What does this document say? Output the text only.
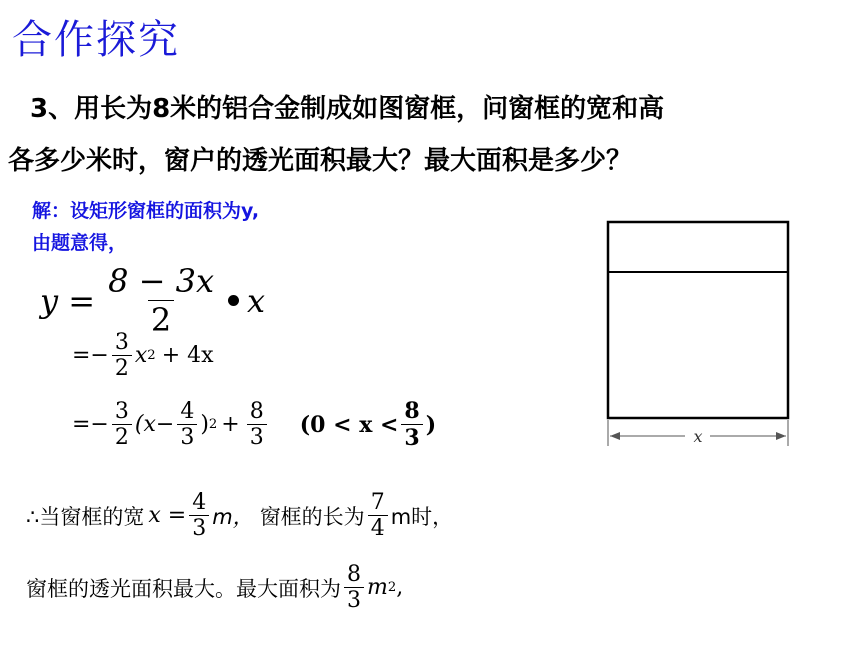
合作探究
3、用长为8米的铝合金制成如图窗框，问窗框的宽和高
各多少米时，窗户的透光面积最大？最大面积是多少？
解：设矩形窗框的面积为y,
由题意得，
$y = \frac{8 - 3x}{2}$ x
=− $\frac{3}{2}$ x 2 + 4x
=− $\frac{3}{2} (x- \frac{4}{3}$ ) $2 + \frac{8}{3} (0 < x < \frac{8}{3}$ )
∴当窗框的宽 $x = \frac{4}{3}$ m， 窗框的长为 $\frac{7}{4}$ m时，
窗框的透光面积最大。最大面积为 $\frac{8}{3}$ m 2 ,
x
